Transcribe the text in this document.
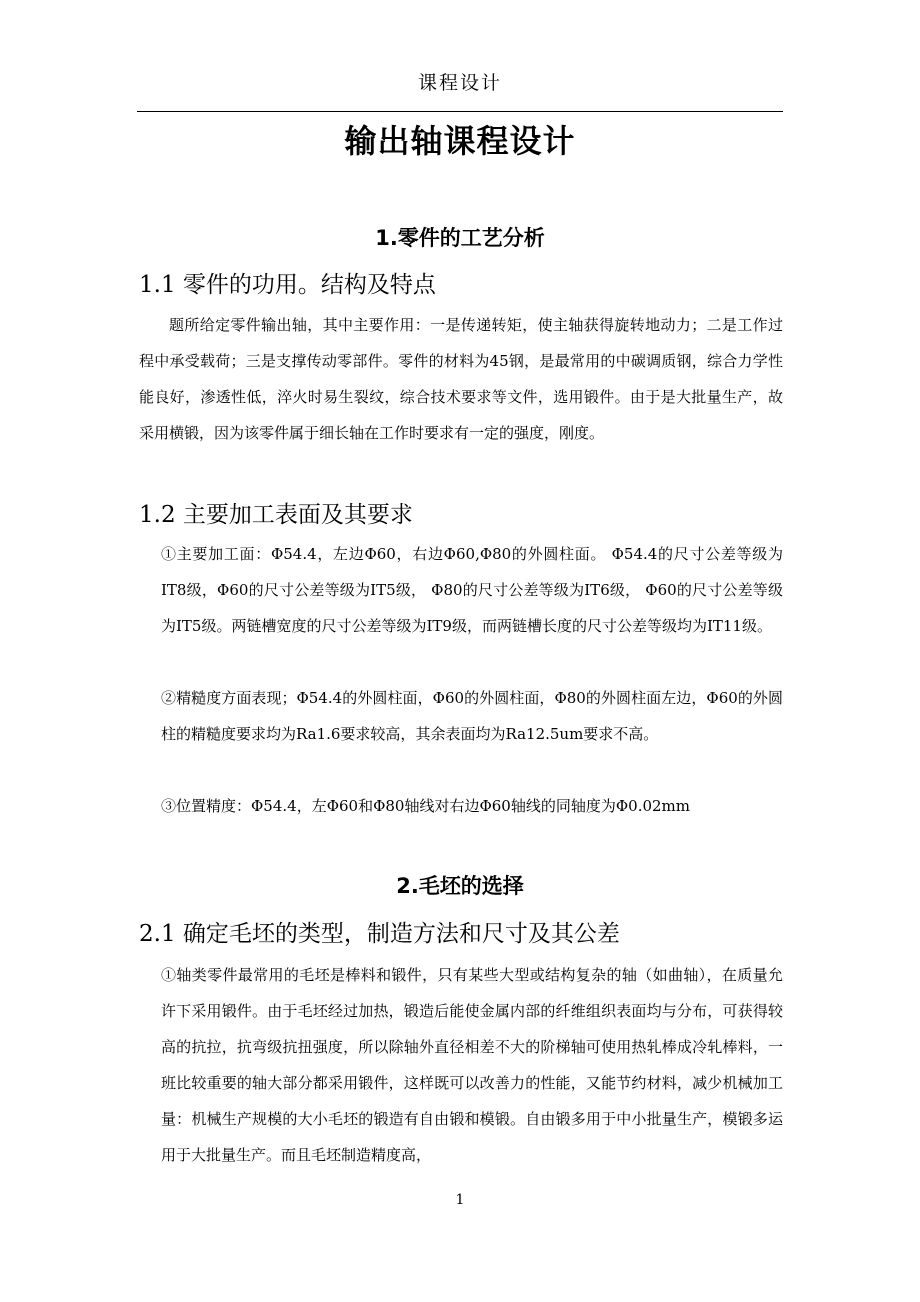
课程设计
输出轴课程设计
1.零件的工艺分析
1.1 零件的功用。结构及特点
题所给定零件输出轴，其中主要作用：一是传递转矩，使主轴获得旋转地动力；二是工作过程中承受载荷；三是支撑传动零部件。零件的材料为45钢，是最常用的中碳调质钢，综合力学性能良好，渗透性低，淬火时易生裂纹，综合技术要求等文件，选用锻件。由于是大批量生产，故采用横锻，因为该零件属于细长轴在工作时要求有一定的强度，刚度。
1.2 主要加工表面及其要求
①主要加工面：Φ54.4，左边Φ60，右边Φ60,Φ80的外圆柱面。 Φ54.4的尺寸公差等级为IT8级，Φ60的尺寸公差等级为IT5级， Φ80的尺寸公差等级为IT6级， Φ60的尺寸公差等级为IT5级。两链槽宽度的尺寸公差等级为IT9级，而两链槽长度的尺寸公差等级均为IT11级。
②精糙度方面表现；Φ54.4的外圆柱面，Φ60的外圆柱面，Φ80的外圆柱面左边，Φ60的外圆柱的精糙度要求均为Ra1.6要求较高，其余表面均为Ra12.5um要求不高。
③位置精度：Φ54.4，左Φ60和Φ80轴线对右边Φ60轴线的同轴度为Φ0.02mm
2.毛坯的选择
2.1 确定毛坯的类型，制造方法和尺寸及其公差
①轴类零件最常用的毛坯是棒料和锻件，只有某些大型或结构复杂的轴（如曲轴），在质量允许下采用锻件。由于毛坯经过加热，锻造后能使金属内部的纤维组织表面均与分布，可获得较高的抗拉，抗弯级抗扭强度，所以除轴外直径相差不大的阶梯轴可使用热轧棒成冷轧棒料，一班比较重要的轴大部分都采用锻件，这样既可以改善力的性能，又能节约材料，减少机械加工量：机械生产规模的大小毛坯的锻造有自由锻和模锻。自由锻多用于中小批量生产，模锻多运用于大批量生产。而且毛坯制造精度高，
1
